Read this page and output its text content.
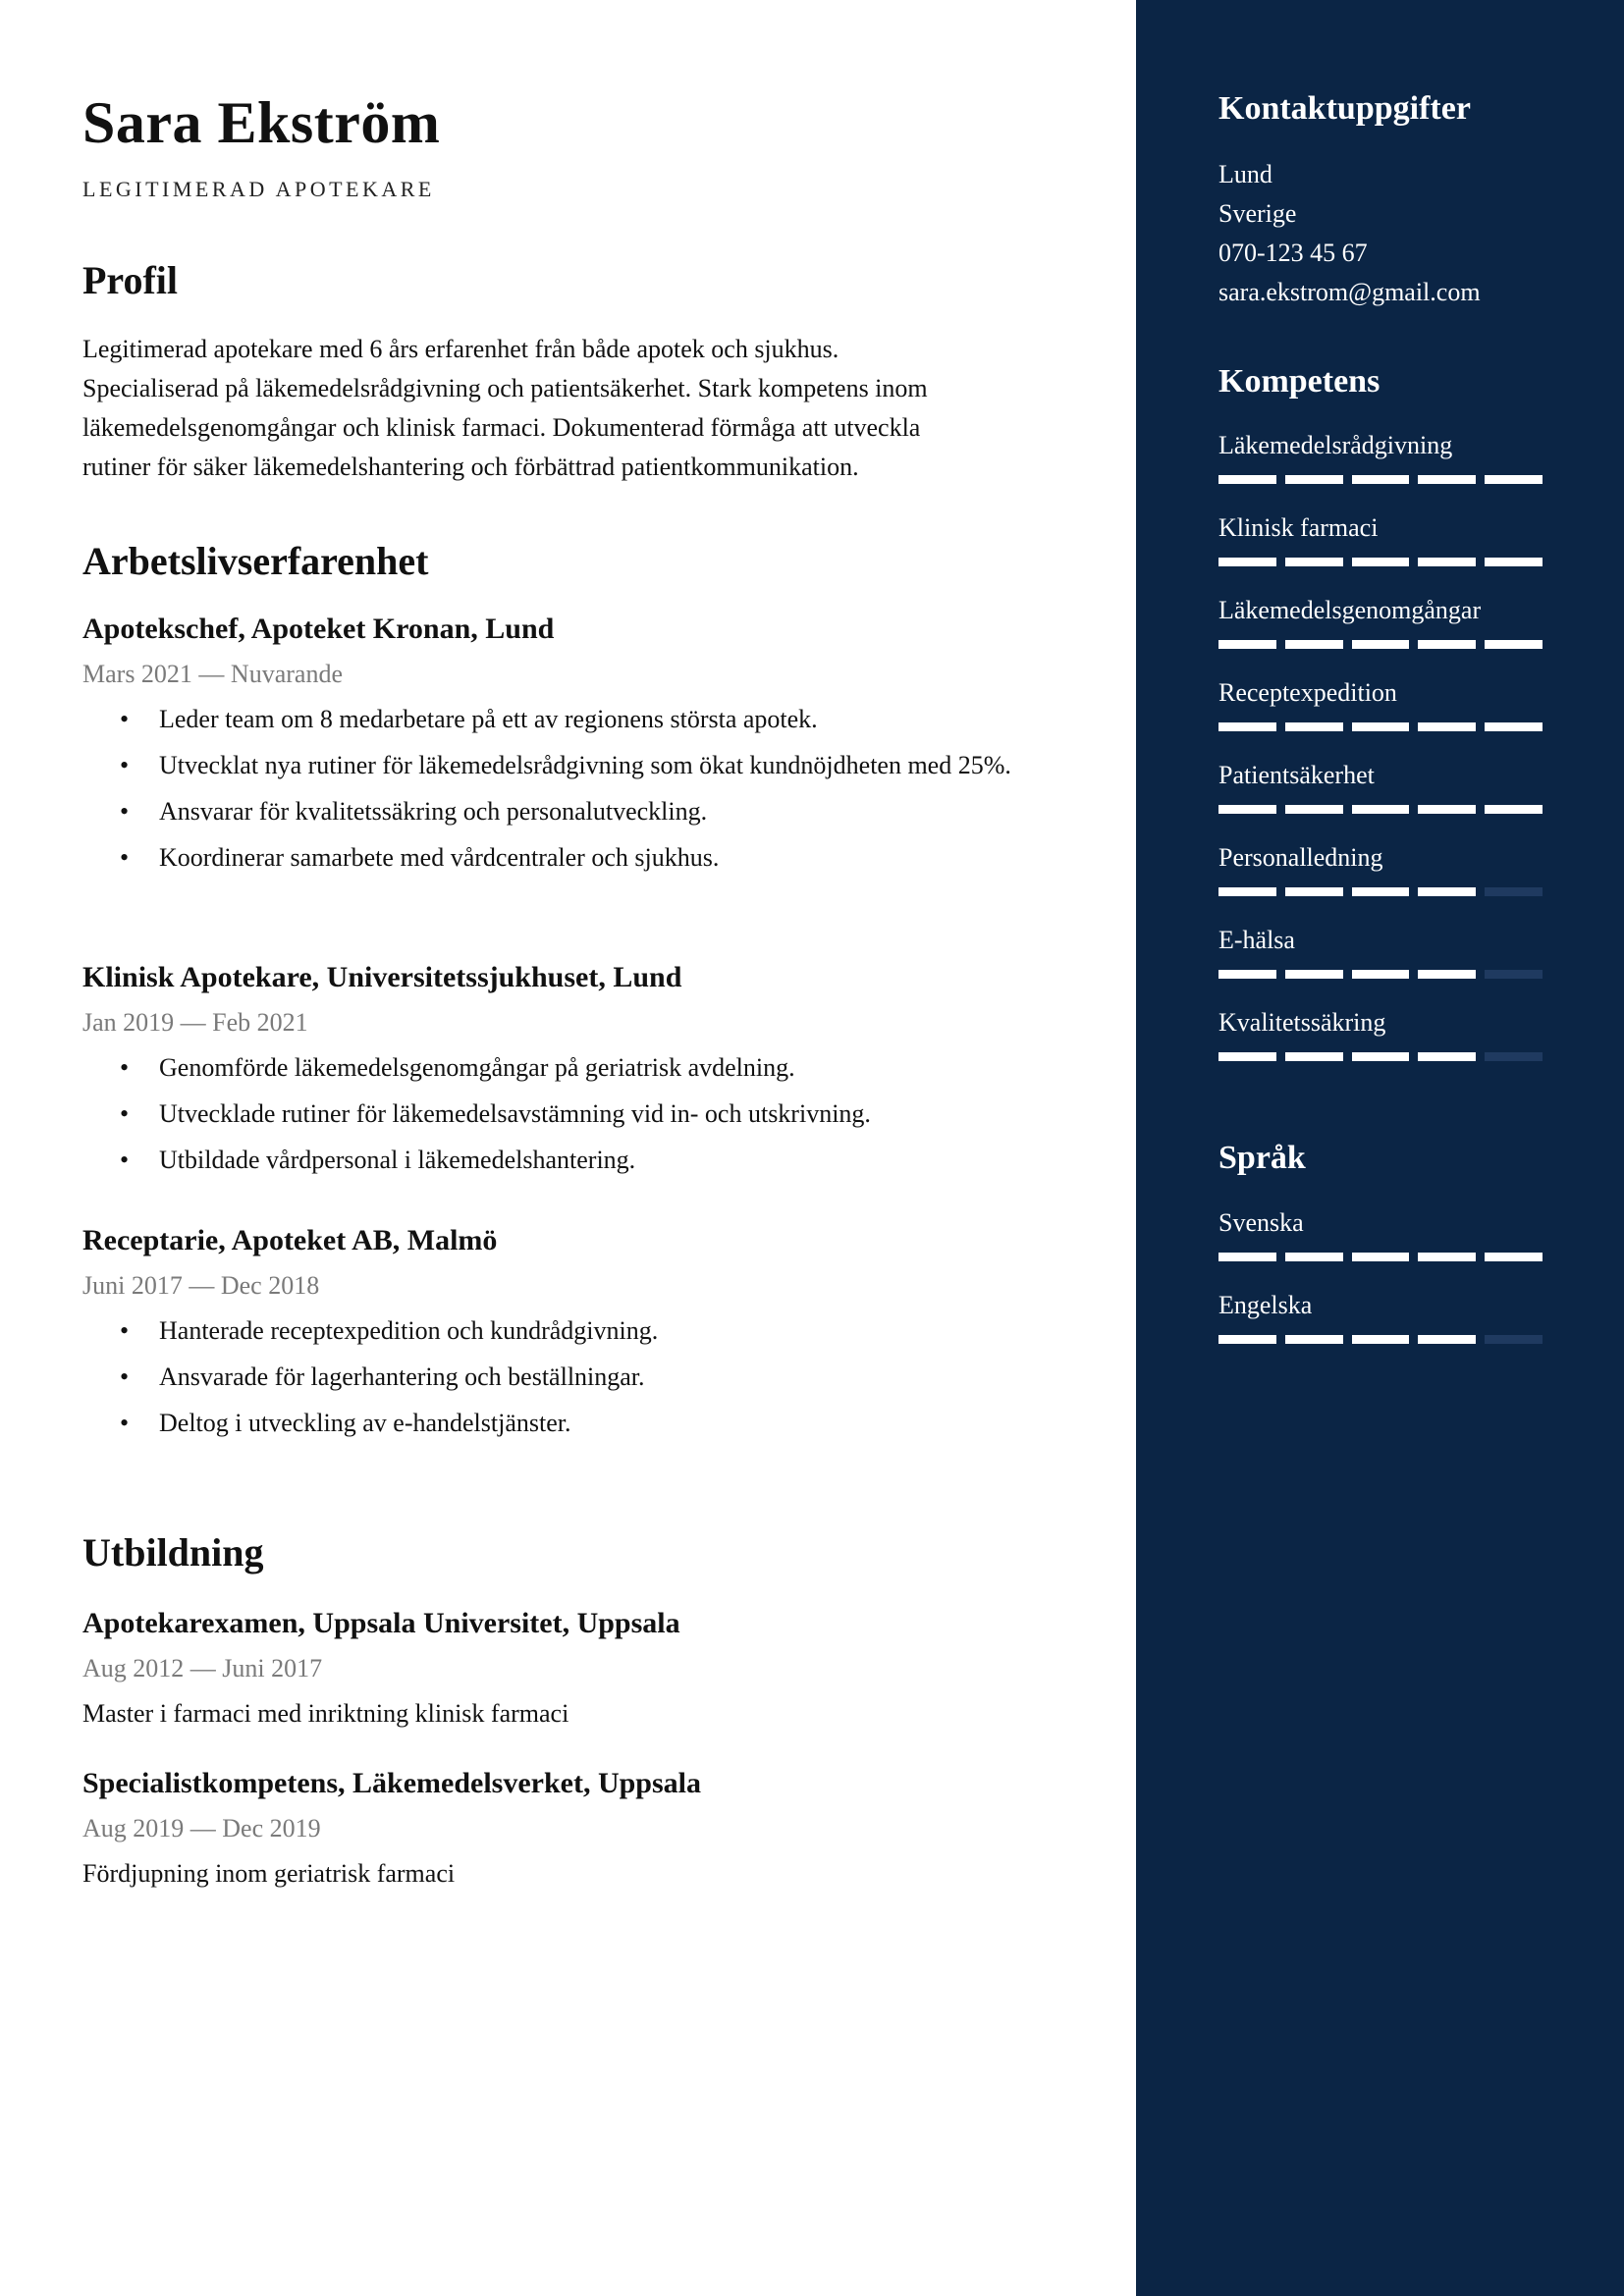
Sara Ekström
LEGITIMERAD APOTEKARE
Profil
Legitimerad apotekare med 6 års erfarenhet från både apotek och sjukhus.
Specialiserad på läkemedelsrådgivning och patientsäkerhet. Stark kompetens inom
läkemedelsgenomgångar och klinisk farmaci. Dokumenterad förmåga att utveckla
rutiner för säker läkemedelshantering och förbättrad patientkommunikation.
Arbetslivserfarenhet
Apotekschef, Apoteket Kronan, Lund
Mars 2021 — Nuvarande
• Leder team om 8 medarbetare på ett av regionens största apotek.
• Utvecklat nya rutiner för läkemedelsrådgivning som ökat kundnöjdheten med 25%.
• Ansvarar för kvalitetssäkring och personalutveckling.
• Koordinerar samarbete med vårdcentraler och sjukhus.
Klinisk Apotekare, Universitetssjukhuset, Lund
Jan 2019 — Feb 2021
• Genomförde läkemedelsgenomgångar på geriatrisk avdelning.
• Utvecklade rutiner för läkemedelsavstämning vid in- och utskrivning.
• Utbildade vårdpersonal i läkemedelshantering.
Receptarie, Apoteket AB, Malmö
Juni 2017 — Dec 2018
• Hanterade receptexpedition och kundrådgivning.
• Ansvarade för lagerhantering och beställningar.
• Deltog i utveckling av e-handelstjänster.
Utbildning
Apotekarexamen, Uppsala Universitet, Uppsala
Aug 2012 — Juni 2017
Master i farmaci med inriktning klinisk farmaci
Specialistkompetens, Läkemedelsverket, Uppsala
Aug 2019 — Dec 2019
Fördjupning inom geriatrisk farmaci
Kontaktuppgifter
Lund
Sverige
070-123 45 67
sara.ekstrom@gmail.com
Kompetens
Läkemedelsrådgivning
Klinisk farmaci
Läkemedelsgenomgångar
Receptexpedition
Patientsäkerhet
Personalledning
E-hälsa
Kvalitetssäkring
Språk
Svenska
Engelska
